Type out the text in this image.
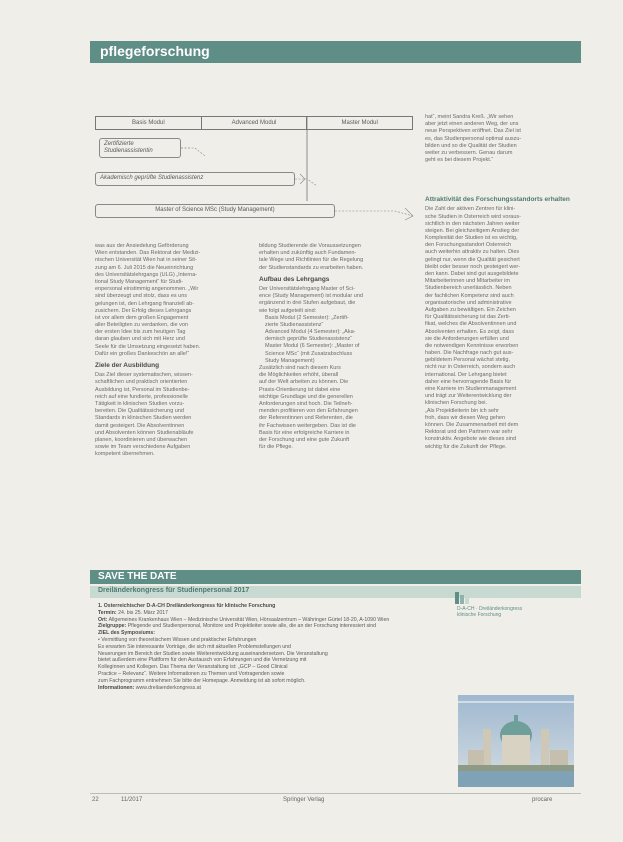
pflegeforschung
Basis Modul	Advanced Modul	Master Modul
Zertifizierte
Studienassistentin
Akademisch geprüfte Studienassistenz
Master of Science MSc (Study Management)
was aus der Ansiedelung Geförderung
Wien entstanden. Das Rektorat der Medizi-
nischen Universität Wien hat in seiner Sit-
zung am 6. Juli 2015 die Neueinrichtung
des Universitätslehrgangs (ULG) „Interna-
tional Study Management“ für Studi-
enpersonal einstimmig angenommen. „Wir
sind überzeugt und stolz, dass es uns
gelungen ist, den Lehrgang finanziell ab-
zusichern. Der Erfolg dieses Lehrgangs
ist vor allem dem großen Engagement
aller Beteiligten zu verdanken, die von
der ersten Idee bis zum heutigen Tag
daran glauben und sich mit Herz und
Seele für die Umsetzung eingesetzt haben.
Dafür ein großes Dankeschön an alle!“
Ziele der Ausbildung
Das Ziel dieser systematischen, wissen-
schaftlichen und praktisch orientierten
Ausbildung ist, Personal im Studienbe-
reich auf eine fundierte, professionelle
Tätigkeit in klinischen Studien vorzu-
bereiten. Die Qualitätssicherung und
Standards in klinischen Studien werden
damit gesteigert. Die Absolventinnen
und Absolventen können Studienabläufe
planen, koordinieren und überwachen
sowie im Team verschiedene Aufgaben
kompetent übernehmen.
bildung Studierende die Voraussetzungen
erhalten und zukünftig auch Fundamen-
tale Wege und Richtlinien für die Regelung
der Studienstandards zu erarbeiten haben.
Aufbau des Lehrgangs
Der Universitätslehrgang Master of Sci-
ence (Study Management) ist modular und
ergänzend in drei Stufen aufgebaut, die
wie folgt aufgeteilt sind:
Basis Modul (2 Semester): „Zertifi-
zierte Studienassistenz“
Advanced Modul (4 Semester): „Aka-
demisch geprüfte Studienassistenz“
Master Modul (6 Semester): „Master of
Science MSc“ (mit Zusatzabschluss
Study Management)
Zusätzlich sind nach diesem Kurs
die Möglichkeiten erhöht, überall
auf der Welt arbeiten zu können. Die
Praxis-Orientierung ist dabei eine
wichtige Grundlage und die generellen
Anforderungen sind hoch. Die Teilneh-
menden profitieren von den Erfahrungen
der Referentinnen und Referenten, die
ihr Fachwissen weitergeben. Das ist die
Basis für eine erfolgreiche Karriere in
der Forschung und eine gute Zukunft
für die Pflege.
hat“, meint Sandra Kreß. „Wir sehen
aber jetzt einen anderen Weg, der uns
neue Perspektiven eröffnet. Das Ziel ist
es, das Studienpersonal optimal auszu-
bilden und so die Qualität der Studien
weiter zu verbessern. Genau darum
geht es bei diesem Projekt.“
Attraktivität des Forschungsstandorts erhalten
Die Zahl der aktiven Zentren für klini-
sche Studien in Österreich wird voraus-
sichtlich in den nächsten Jahren weiter
steigen. Bei gleichzeitigem Anstieg der
Komplexität der Studien ist es wichtig,
den Forschungsstandort Österreich
auch weiterhin attraktiv zu halten. Dies
gelingt nur, wenn die Qualität gesichert
bleibt oder besser noch gesteigert wer-
den kann. Dabei sind gut ausgebildete
Mitarbeiterinnen und Mitarbeiter im
Studienbereich unerlässlich. Neben
der fachlichen Kompetenz sind auch
organisatorische und administrative
Aufgaben zu bewältigen. Ein Zeichen
für Qualitätssicherung ist das Zerti-
fikat, welches die Absolventinnen und
Absolventen erhalten. Es zeigt, dass
sie die Anforderungen erfüllen und
die notwendigen Kenntnisse erworben
haben. Die Nachfrage nach gut aus-
gebildetem Personal wächst stetig,
nicht nur in Österreich, sondern auch
international. Der Lehrgang bietet
daher eine hervorragende Basis für
eine Karriere im Studienmanagement
und trägt zur Weiterentwicklung der
klinischen Forschung bei.
„Als Projektleiterin bin ich sehr
froh, dass wir diesen Weg gehen
können. Die Zusammenarbeit mit dem
Rektorat und den Partnern war sehr
konstruktiv. Angebote wie dieses sind
wichtig für die Zukunft der Pflege.
SAVE THE DATE
Dreiländerkongress für Studienpersonal 2017
D-A-CH · Dreiländerkongress
klinische Forschung
1. Österreichischer D-A-CH Dreiländerkongress für klinische Forschung
Termin: 24. bis 25. März 2017
Ort: Allgemeines Krankenhaus Wien – Medizinische Universität Wien, Hörsaalzentrum – Währinger Gürtel 18-20, A-1090 Wien
Zielgruppe: Pflegende und Studienpersonal, Monitore und Projektleiter sowie alle, die an der Forschung interessiert sind
ZIEL des Symposiums:
• Vermittlung von theoretischem Wissen und praktischer Erfahrungen
Es erwarten Sie interessante Vorträge, die sich mit aktuellen Problemstellungen und
Neuerungen im Bereich der Studien sowie Weiterentwicklung auseinandersetzen. Die Veranstaltung
bietet außerdem eine Plattform für den Austausch von Erfahrungen und die Vernetzung mit
Kolleginnen und Kollegen. Das Thema der Veranstaltung ist: „GCP – Good Clinical
Practice – Relevanz“. Weitere Informationen zu Themen und Vortragenden sowie
zum Fachprogramm entnehmen Sie bitte der Homepage. Anmeldung ist ab sofort möglich.
Informationen: www.dreilaenderkongress.at
22	11/2017	Springer Verlag	procare
